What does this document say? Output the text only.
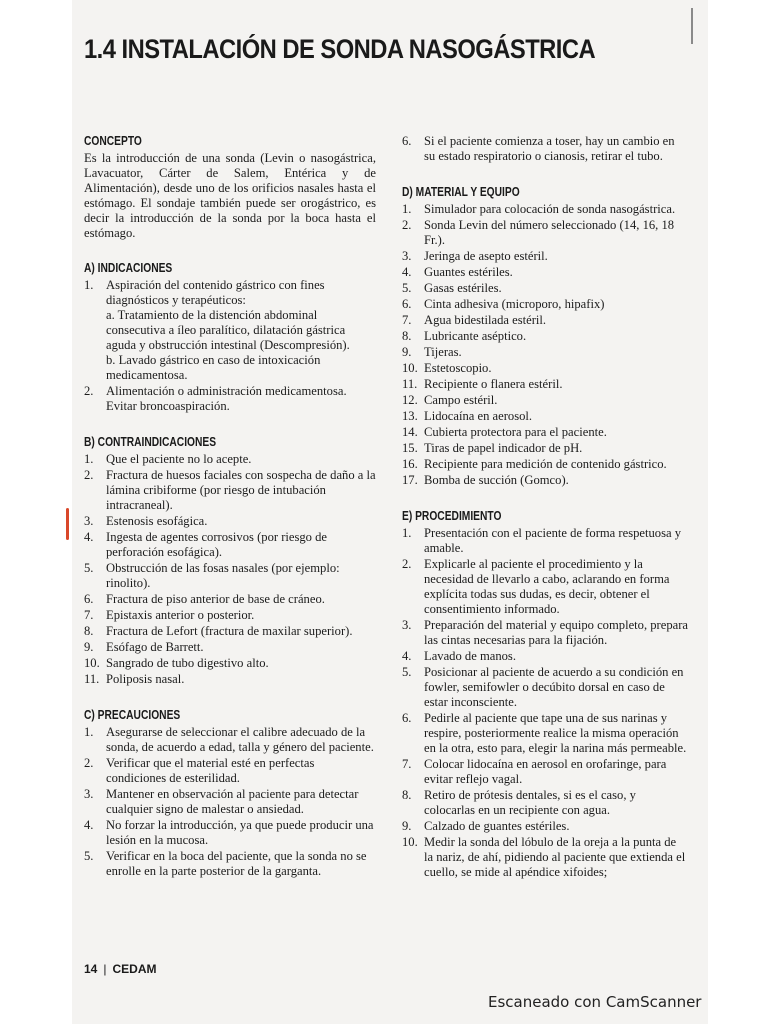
1.4 INSTALACIÓN DE SONDA NASOGÁSTRICA
CONCEPTO

Es la introducción de una sonda (Levin o nasogástrica, Lavacuator, Cárter de Salem, Entérica y de Alimentación), desde uno de los orificios nasales hasta el estómago. El sondaje también puede ser orogástrico, es decir la introducción de la sonda por la boca hasta el estómago.

A) INDICACIONES
1. Aspiración del contenido gástrico con fines diagnósticos y terapéuticos:
a. Tratamiento de la distención abdominal consecutiva a íleo paralítico, dilatación gástrica aguda y obstrucción intestinal (Descompresión).
b. Lavado gástrico en caso de intoxicación medicamentosa.
2. Alimentación o administración medicamentosa. Evitar broncoaspiración.
B) CONTRAINDICACIONES
1. Que el paciente no lo acepte.
2. Fractura de huesos faciales con sospecha de daño a la lámina cribiforme (por riesgo de intubación intracraneal).
3. Estenosis esofágica.
4. Ingesta de agentes corrosivos (por riesgo de perforación esofágica).
5. Obstrucción de las fosas nasales (por ejemplo: rinolito).
6. Fractura de piso anterior de base de cráneo.
7. Epistaxis anterior o posterior.
8. Fractura de Lefort (fractura de maxilar superior).
9. Esófago de Barrett.
10. Sangrado de tubo digestivo alto.
11. Poliposis nasal.
C) PRECAUCIONES
1. Asegurarse de seleccionar el calibre adecuado de la sonda, de acuerdo a edad, talla y género del paciente.
2. Verificar que el material esté en perfectas condiciones de esterilidad.
3. Mantener en observación al paciente para detectar cualquier signo de malestar o ansiedad.
4. No forzar la introducción, ya que puede producir una lesión en la mucosa.
5. Verificar en la boca del paciente, que la sonda no se enrolle en la parte posterior de la garganta.
6. Si el paciente comienza a toser, hay un cambio en su estado respiratorio o cianosis, retirar el tubo.
D) MATERIAL Y EQUIPO
1. Simulador para colocación de sonda nasogástrica.
2. Sonda Levin del número seleccionado (14, 16, 18 Fr.).
3. Jeringa de asepto estéril.
4. Guantes estériles.
5. Gasas estériles.
6. Cinta adhesiva (microporo, hipafix)
7. Agua bidestilada estéril.
8. Lubricante aséptico.
9. Tijeras.
10. Estetoscopio.
11. Recipiente o flanera estéril.
12. Campo estéril.
13. Lidocaína en aerosol.
14. Cubierta protectora para el paciente.
15. Tiras de papel indicador de pH.
16. Recipiente para medición de contenido gástrico.
17. Bomba de succión (Gomco).
E) PROCEDIMIENTO
1. Presentación con el paciente de forma respetuosa y amable.
2. Explicarle al paciente el procedimiento y la necesidad de llevarlo a cabo, aclarando en forma explícita todas sus dudas, es decir, obtener el consentimiento informado.
3. Preparación del material y equipo completo, prepara las cintas necesarias para la fijación.
4. Lavado de manos.
5. Posicionar al paciente de acuerdo a su condición en fowler, semifowler o decúbito dorsal en caso de estar inconsciente.
6. Pedirle al paciente que tape una de sus narinas y respire, posteriormente realice la misma operación en la otra, esto para, elegir la narina más permeable.
7. Colocar lidocaína en aerosol en orofaringe, para evitar reflejo vagal.
8. Retiro de prótesis dentales, si es el caso, y colocarlas en un recipiente con agua.
9. Calzado de guantes estériles.
10. Medir la sonda del lóbulo de la oreja a la punta de la nariz, de ahí, pidiendo al paciente que extienda el cuello, se mide al apéndice xifoides;
14 | CEDAM
Escaneado con CamScanner
